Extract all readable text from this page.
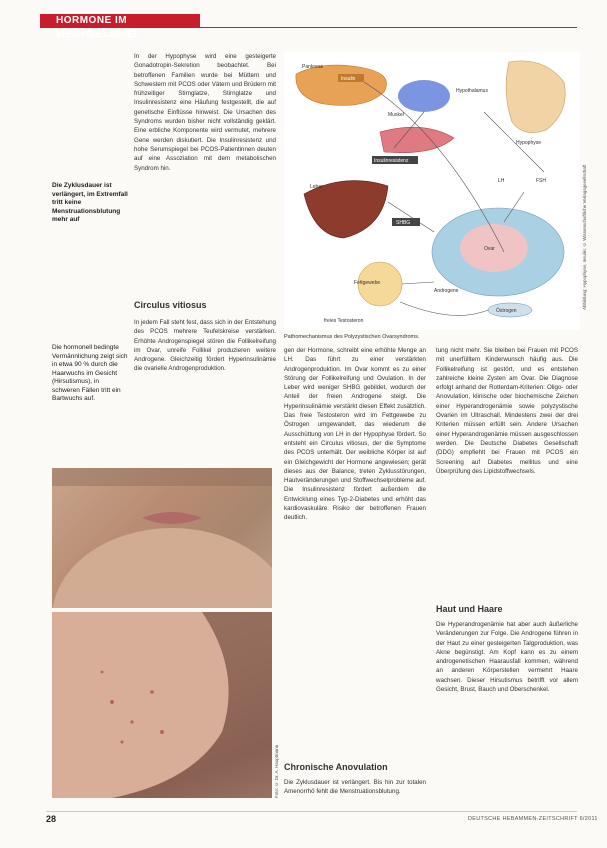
HORMONE IM WECHSELSPIEL

In der Hypophyse wird eine gesteigerte Gonadotropin-Sekretion beobachtet. Bei betroffenen Familien wurde bei Müttern und Schwestern mit PCOS oder Vätern und Brüdern mit frühzeitiger Stirnglatze, Stirnglatze und Insulinresistenz eine Häufung festgestellt, die auf genetische Einflüsse hinweist. Die Ursachen des Syndroms wurden bisher nicht vollständig geklärt. Eine erbliche Komponente wird vermutet, mehrere Gene werden diskutiert. Die Insulinresistenz und hohe Serumspiegel bei PCOS-Patientinnen deuten auf eine Assoziation mit dem metabolischen Syndrom hin.

Die Zyklusdauer ist verlängert, im Extremfall tritt keine Menstruationsblutung mehr auf
Circulus vitiosus

In jedem Fall steht fest, dass sich in der Entstehung des PCOS mehrere Teufelskreise verstärken. Erhöhte Androgenspiegel stören die Follikelreifung im Ovar, unreife Follikel produzieren weitere Androgene. Gleichzeitig fördert Hyperinsulinämie die ovarielle Androgenproduktion.

Die hormonell bedingte Vermännlichung zeigt sich in etwa 90 % durch die Haarwuchs im Gesicht (Hirsutismus), in schweren Fällen tritt ein Bartwuchs auf.
Pankreas
Insulin
Hypothalamus
Hypophyse
Muskel
Insulinresistenz
LH	FSH
Leber
SHBG
Ovar
Fettgewebe
Androgene
freies Testosteron
Östrogen
Abbildung: Hypophyse, Insulin; © Wissenschaftliche Verlagsgesellschaft
Pathomechanismus des Polyzystischen Ovarsyndroms.

gen der Hormone, schreibt eine erhöhte Menge an LH. Das führt zu einer verstärkten Androgenproduktion. Im Ovar kommt es zu einer Störung der Follikelreifung und Ovulation. In der Leber wird weniger SHBG gebildet, wodurch der Anteil der freien Androgene steigt. Die Hyperinsulinämie verstärkt diesen Effekt zusätzlich. Das freie Testosteron wird im Fettgewebe zu Östrogen umgewandelt, das wiederum die Ausschüttung von LH in der Hypophyse fördert. So entsteht ein Circulus vitiosus, der die Symptome des PCOS unterhält. Der weibliche Körper ist auf ein Gleichgewicht der Hormone angewiesen; gerät dieses aus der Balance, treten Zyklusstörungen, Hautveränderungen und Stoffwechselprobleme auf. Die Insulinresistenz fördert außerdem die Entwicklung eines Typ-2-Diabetes und erhöht das kardiovaskuläre Risiko der betroffenen Frauen deutlich.

Chronische Anovulation

Die Zyklusdauer ist verlängert. Bis hin zur totalen Amenorrhö fehlt die Menstruationsblutung.

tung nicht mehr. Sie bleiben bei Frauen mit PCOS mit unerfülltem Kinderwunsch häufig aus. Die Follikelreifung ist gestört, und es entstehen zahlreiche kleine Zysten am Ovar. Die Diagnose erfolgt anhand der Rotterdam-Kriterien: Oligo- oder Anovulation, klinische oder biochemische Zeichen einer Hyperandrogenämie sowie polyzystische Ovarien im Ultraschall. Mindestens zwei der drei Kriterien müssen erfüllt sein. Andere Ursachen einer Hyperandrogenämie müssen ausgeschlossen werden. Die Deutsche Diabetes Gesellschaft (DDG) empfiehlt bei Frauen mit PCOS ein Screening auf Diabetes mellitus und eine Überprüfung des Lipidstoffwechsels.

Haut und Haare

Die Hyperandrogenämie hat aber auch äußerliche Veränderungen zur Folge. Die Androgene führen in der Haut zu einer gesteigerten Talgproduktion, was Akne begünstigt. Am Kopf kann es zu einem androgenetischen Haarausfall kommen, während an anderen Körperstellen vermehrt Haare wachsen. Dieser Hirsutismus betrifft vor allem Gesicht, Brust, Bauch und Oberschenkel.

Foto: © Dr. A. Hauptmann
28	DEUTSCHE HEBAMMEN-ZEITSCHRIFT 6/2011
